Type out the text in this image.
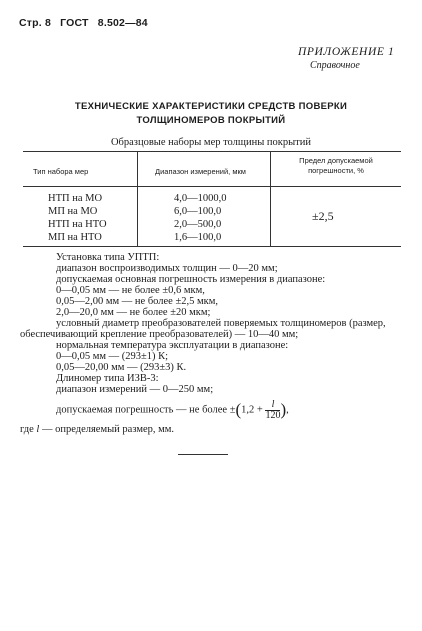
Стр. 8 ГОСТ 8.502—84
ПРИЛОЖЕНИЕ 1
Справочное
ТЕХНИЧЕСКИЕ ХАРАКТЕРИСТИКИ СРЕДСТВ ПОВЕРКИ
ТОЛЩИНОМЕРОВ ПОКРЫТИЙ
Образцовые наборы мер толщины покрытий
Тип набора мер	Диапазон измерений, мкм
Предел допускаемой
погрешности, %
НТП на МО
МП на МО
НТП на НТО
МП на НТО
4,0—1000,0
6,0—100,0
2,0—500,0
1,6—100,0
±2,5
Установка типа УПТП:
диапазон воспроизводимых толщин — 0—20 мм;
допускаемая основная погрешность измерения в диапазоне:
0—0,05 мм — не более ±0,6 мкм,
0,05—2,00 мм — не более ±2,5 мкм,
2,0—20,0 мм — не более ±20 мкм;
условный диаметр преобразователей поверяемых толщиномеров (размер,
обеспечивающий крепление преобразователей) — 10—40 мм;
нормальная температура эксплуатации в диапазоне:
0—0,05 мм — (293±1) К;
0,05—20,00 мм — (293±3) К.
Длиномер типа ИЗВ-3:
диапазон измерений — 0—250 мм;
допускаемая погрешность — не более $\pm(1,2 + \frac{l}{120}$ ),
где l — определяемый размер, мм.
